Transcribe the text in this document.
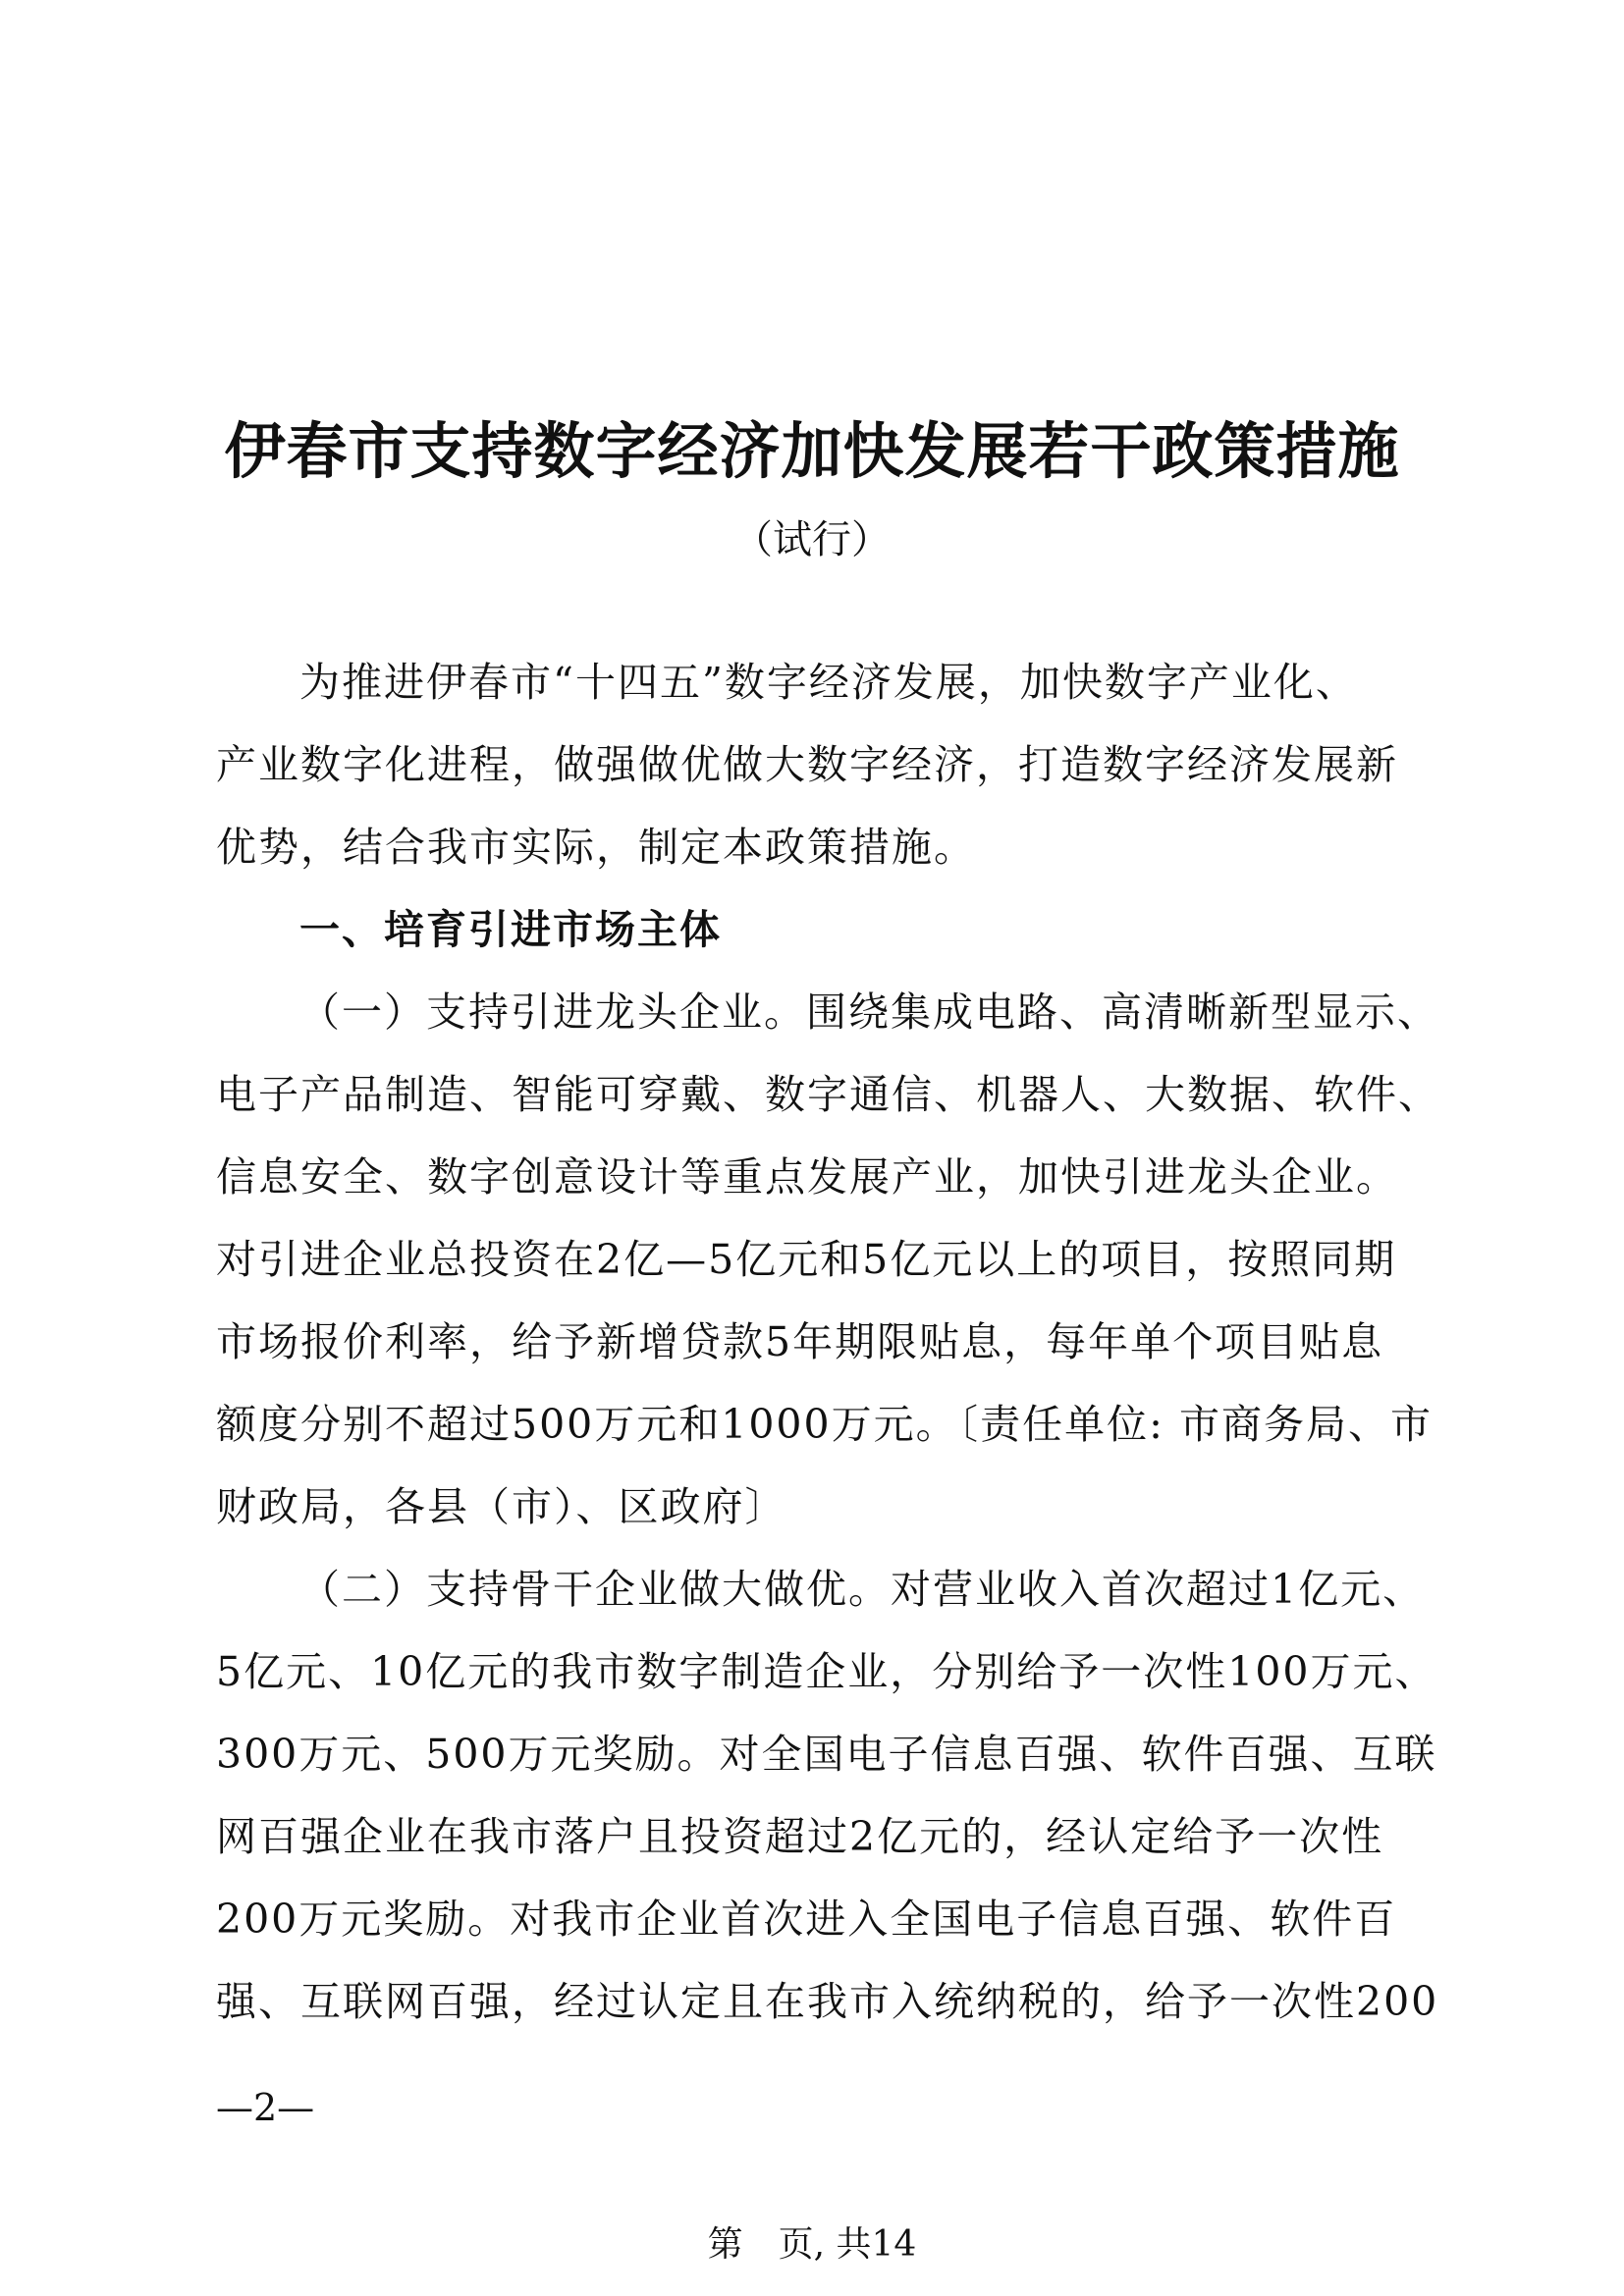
伊春市支持数字经济加快发展若干政策措施
（试行）
为推进伊春市“十四五”数字经济发展，加快数字产业化、
产业数字化进程，做强做优做大数字经济，打造数字经济发展新
优势，结合我市实际，制定本政策措施。
一、培育引进市场主体
（一）支持引进龙头企业。围绕集成电路、高清晰新型显示、
电子产品制造、智能可穿戴、数字通信、机器人、大数据、软件、
信息安全、数字创意设计等重点发展产业，加快引进龙头企业。
对引进企业总投资在2亿—5亿元和5亿元以上的项目，按照同期
市场报价利率，给予新增贷款5年期限贴息，每年单个项目贴息
额度分别不超过500万元和1000万元。〔责任单位: 市商务局、市
财政局，各县（市）、区政府〕
（二）支持骨干企业做大做优。对营业收入首次超过1亿元、
5亿元、10亿元的我市数字制造企业，分别给予一次性100万元、
300万元、500万元奖励。对全国电子信息百强、软件百强、互联
网百强企业在我市落户且投资超过2亿元的，经认定给予一次性
200万元奖励。对我市企业首次进入全国电子信息百强、软件百
强、互联网百强，经过认定且在我市入统纳税的，给予一次性200
—2—
第　页, 共14
